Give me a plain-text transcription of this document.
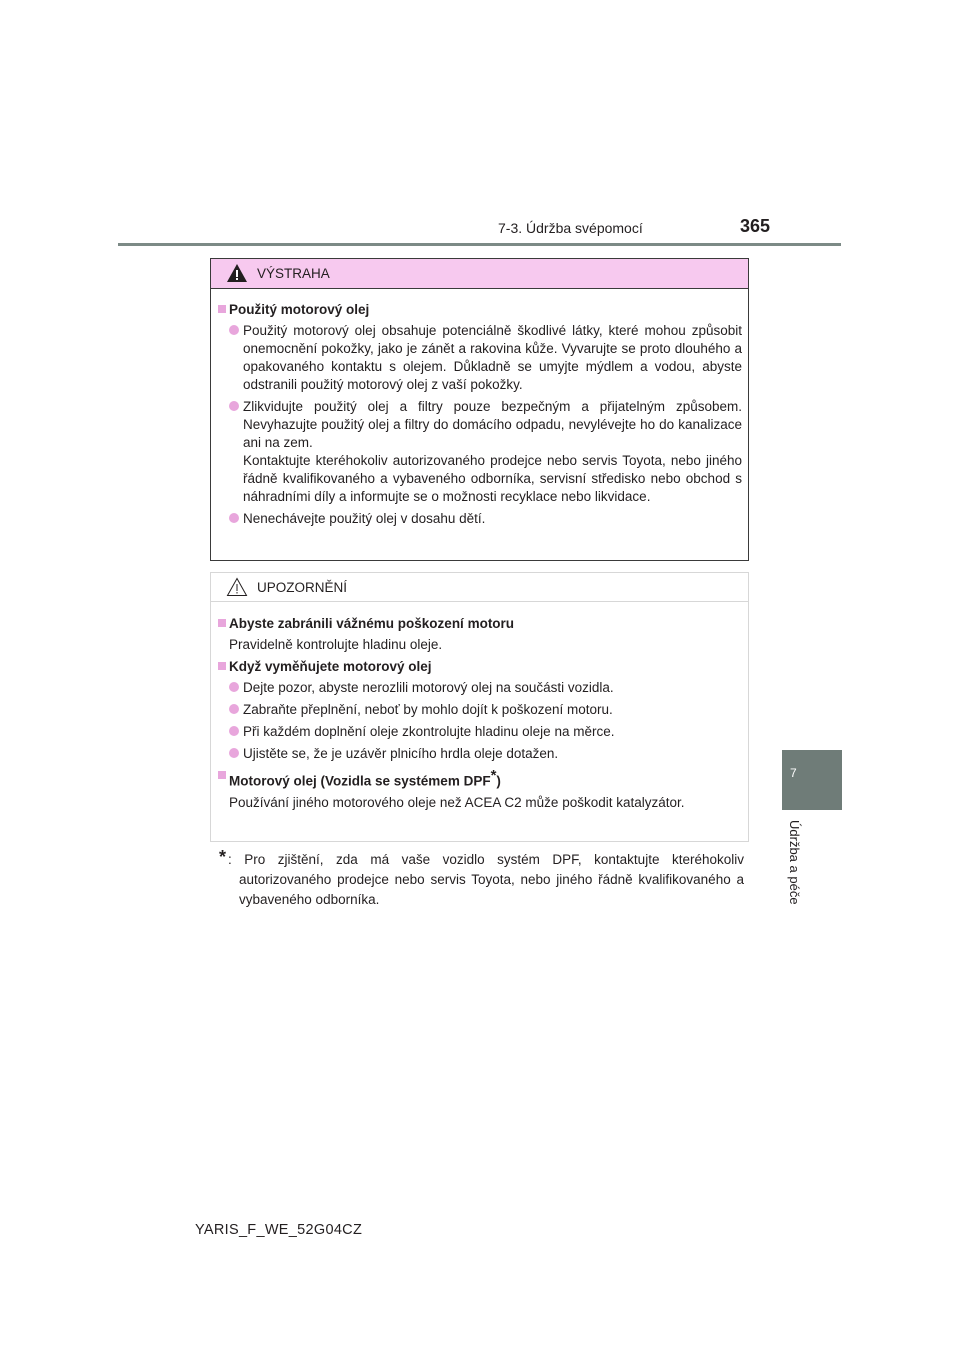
7-3. Údržba svépomocí	365
7
Údržba a péče
VÝSTRAHA
Použitý motorový olej
Použitý motorový olej obsahuje potenciálně škodlivé látky, které mohou způsobit onemocnění pokožky, jako je zánět a rakovina kůže. Vyvarujte se proto dlouhého a opakovaného kontaktu s olejem. Důkladně se umyjte mýdlem a vodou, abyste odstranili použitý motorový olej z vaší pokožky.
Zlikvidujte použitý olej a filtry pouze bezpečným a přijatelným způsobem. Nevyhazujte použitý olej a filtry do domácího odpadu, nevylévejte ho do kanalizace ani na zem.
Kontaktujte kteréhokoliv autorizovaného prodejce nebo servis Toyota, nebo jiného řádně kvalifikovaného a vybaveného odborníka, servisní středisko nebo obchod s náhradními díly a informujte se o možnosti recyklace nebo likvidace.
Nenechávejte použitý olej v dosahu dětí.
UPOZORNĚNÍ
Abyste zabránili vážnému poškození motoru
Pravidelně kontrolujte hladinu oleje.
Když vyměňujete motorový olej
Dejte pozor, abyste nerozlili motorový olej na součásti vozidla.
Zabraňte přeplnění, neboť by mohlo dojít k poškození motoru.
Při každém doplnění oleje zkontrolujte hladinu oleje na měrce.
Ujistěte se, že je uzávěr plnicího hrdla oleje dotažen.
Motorový olej (Vozidla se systémem DPF*)
Používání jiného motorového oleje než ACEA C2 může poškodit katalyzátor.
* : Pro zjištění, zda má vaše vozidlo systém DPF, kontaktujte kteréhokoliv autorizovaného prodejce nebo servis Toyota, nebo jiného řádně kvalifikovaného a vybaveného odborníka.
YARIS_F_WE_52G04CZ
